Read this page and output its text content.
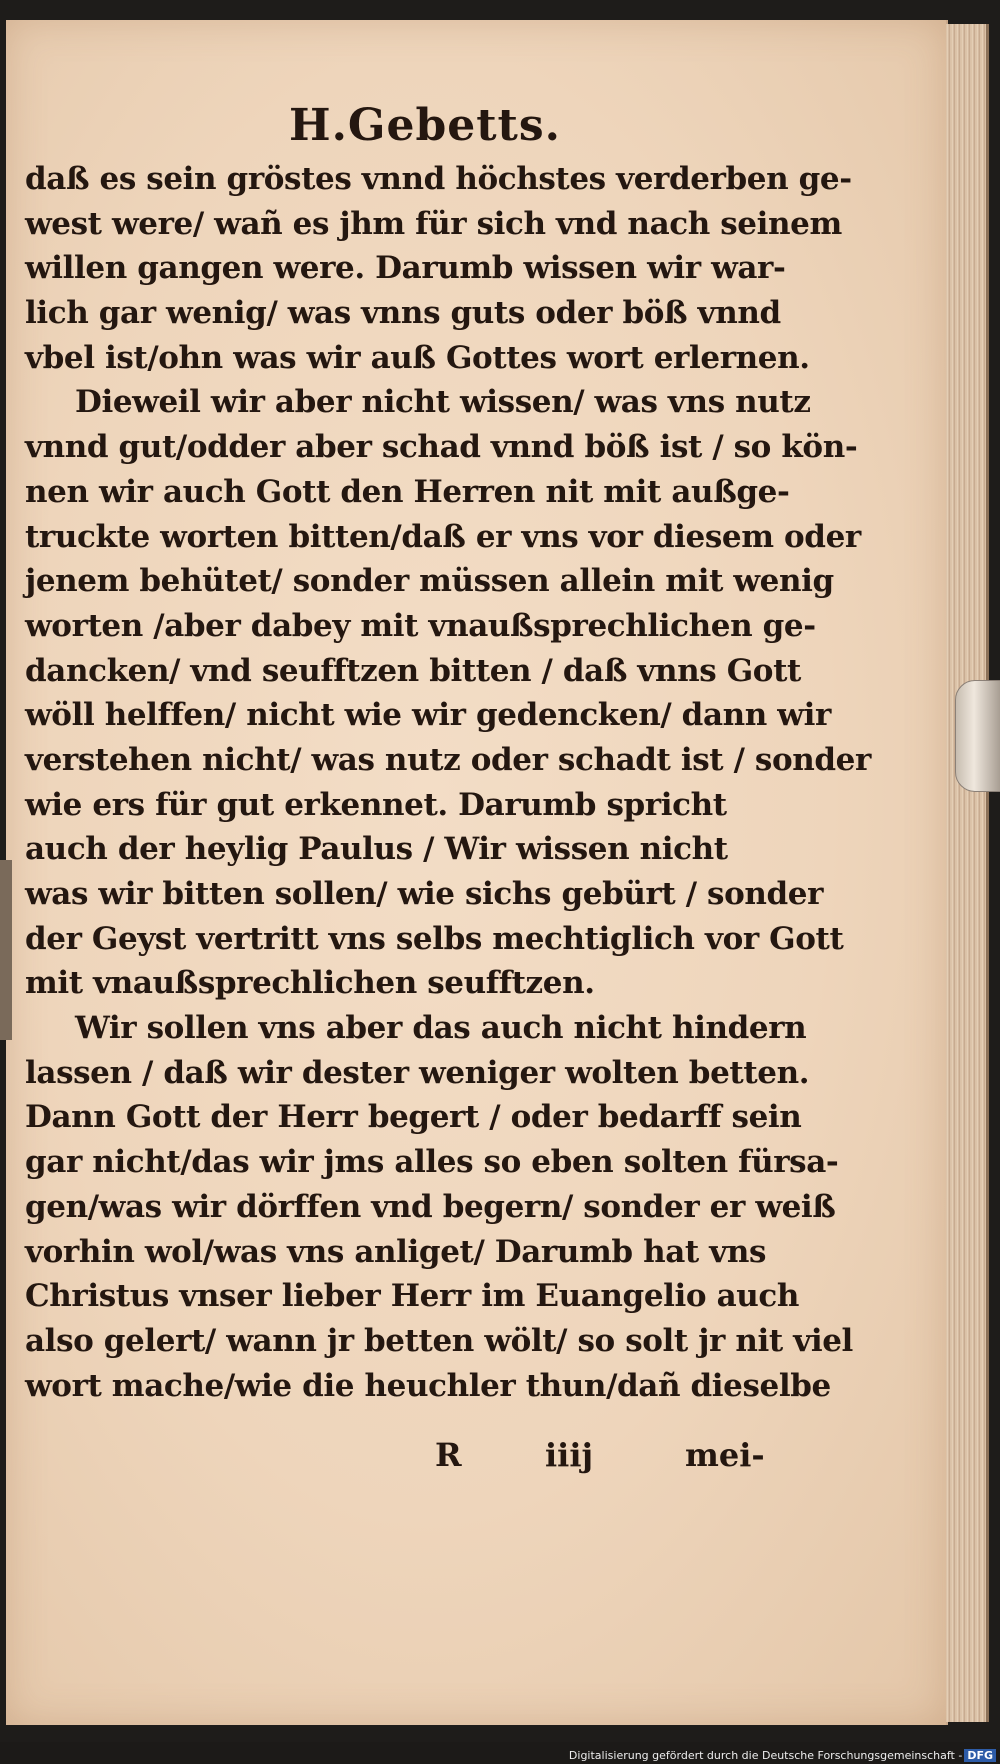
H.Gebetts.
daß es sein gröstes vnnd höchstes verderben ge-
west were/ wañ es jhm für sich vnd nach seinem
willen gangen were. Darumb wissen wir war-
lich gar wenig/ was vnns guts oder böß vnnd
vbel ist/ohn was wir auß Gottes wort erlernen.
Dieweil wir aber nicht wissen/ was vns nutz
vnnd gut/odder aber schad vnnd böß ist / so kön-
nen wir auch Gott den Herren nit mit außge-
truckte worten bitten/daß er vns vor diesem oder
jenem behütet/ sonder müssen allein mit wenig
worten /aber dabey mit vnaußsprechlichen ge-
dancken/ vnd seufftzen bitten / daß vnns Gott
wöll helffen/ nicht wie wir gedencken/ dann wir
verstehen nicht/ was nutz oder schadt ist / sonder
wie ers für gut erkennet. Darumb spricht
auch der heylig Paulus / Wir wissen nicht
was wir bitten sollen/ wie sichs gebürt / sonder
der Geyst vertritt vns selbs mechtiglich vor Gott
mit vnaußsprechlichen seufftzen.
Wir sollen vns aber das auch nicht hindern
lassen / daß wir dester weniger wolten betten.
Dann Gott der Herr begert / oder bedarff sein
gar nicht/das wir jms alles so eben solten fürsa-
gen/was wir dörffen vnd begern/ sonder er weiß
vorhin wol/was vns anliget/ Darumb hat vns
Christus vnser lieber Herr im Euangelio auch
also gelert/ wann jr betten wölt/ so solt jr nit viel
wort mache/wie die heuchler thun/dañ dieselbe
R	iiij	mei-
Digitalisierung gefördert durch die Deutsche Forschungsgemeinschaft - DFG
